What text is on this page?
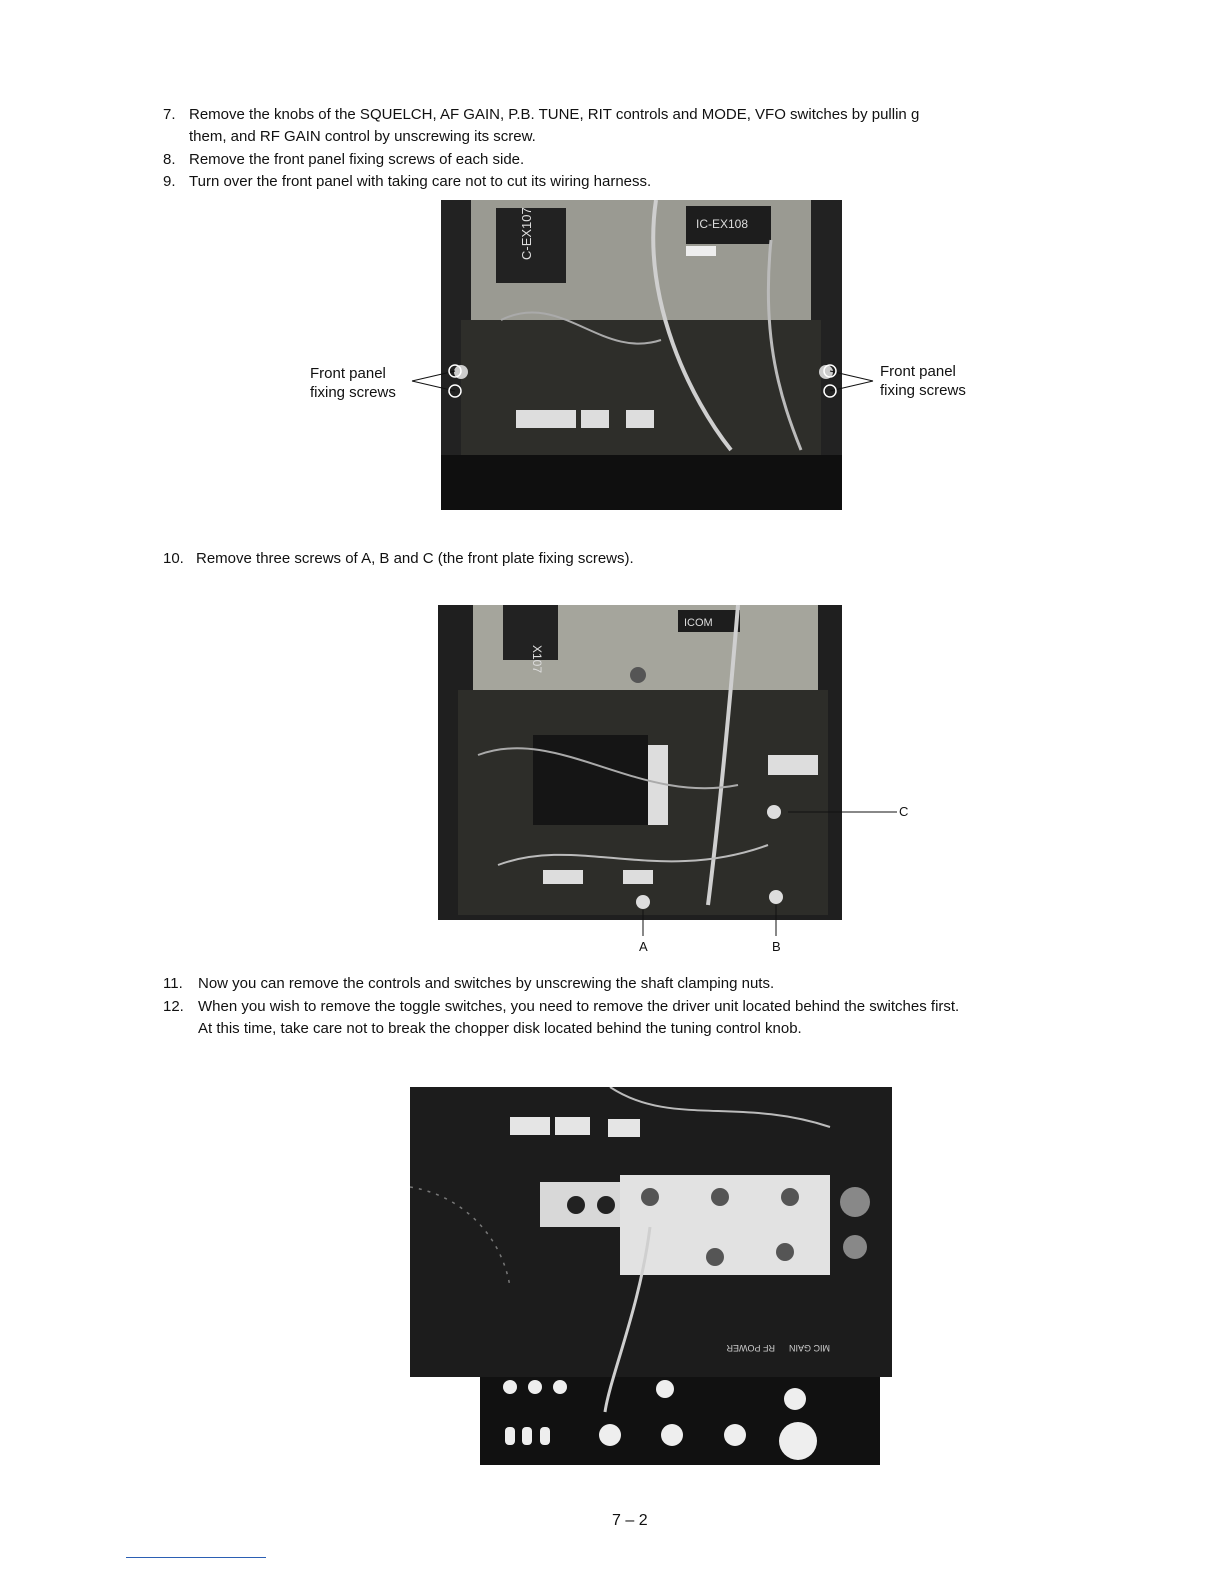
7. Remove the knobs of the SQUELCH, AF GAIN, P.B. TUNE, RIT controls and MODE, VFO switches by pullin g
them, and RF GAIN control by unscrewing its screw.
8. Remove the front panel fixing screws of each side.
9. Turn over the front panel with taking care not to cut its wiring harness.
C-EX107	IC-EX108
Front panel
fixing screws
Front panel
fixing screws
10. Remove three screws of A, B and C (the front plate fixing screws).
X107
ICOM
A	B
C
11. Now you can remove the controls and switches by unscrewing the shaft clamping nuts.
12. When you wish to remove the toggle switches, you need to remove the driver unit located behind the switches first.
At this time, take care not to break the chopper disk located behind the tuning control knob.
MIC GAIN
RF POWER
7 – 2
